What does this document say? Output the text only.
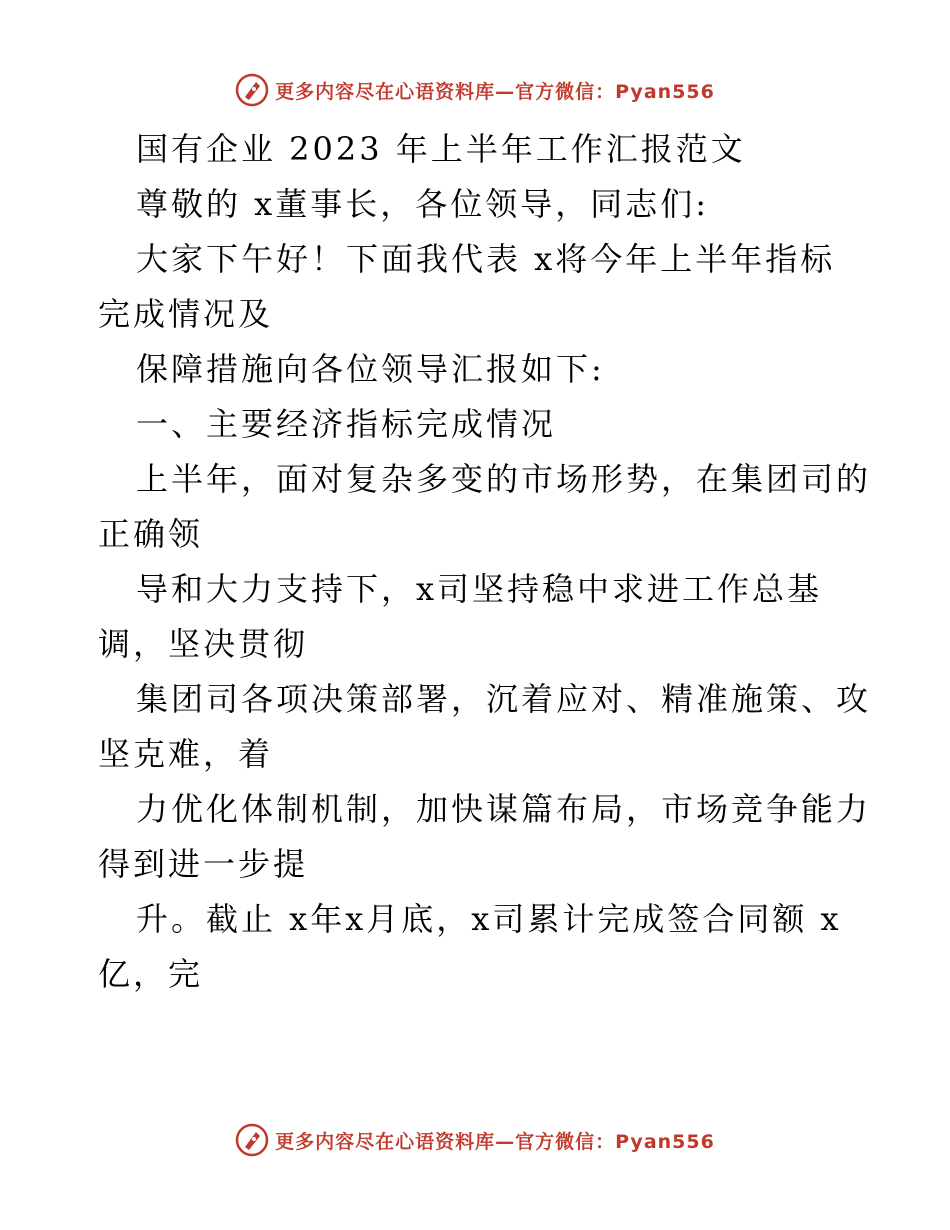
更多内容尽在心语资料库—官方微信：Pyan556
国有企业 2023 年上半年工作汇报范文
尊敬的 x董事长，各位领导，同志们:
大家下午好！下面我代表 x将今年上半年指标
完成情况及
保障措施向各位领导汇报如下:
一、主要经济指标完成情况
上半年，面对复杂多变的市场形势，在集团司的
正确领
导和大力支持下，x司坚持稳中求进工作总基
调，坚决贯彻
集团司各项决策部署，沉着应对、精准施策、攻
坚克难，着
力优化体制机制，加快谋篇布局，市场竞争能力
得到进一步提
升。截止 x年x月底，x司累计完成签合同额 x
亿，完
更多内容尽在心语资料库—官方微信：Pyan556
